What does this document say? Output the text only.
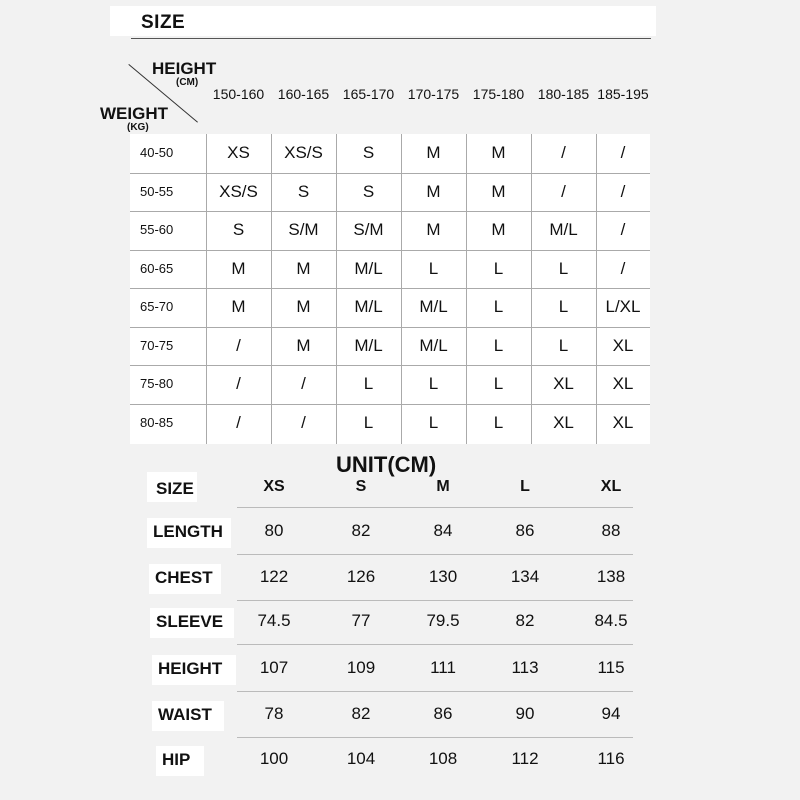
SIZE
HEIGHT
(CM)
WEIGHT
(KG)
150-160 160-165 165-170 170-175 175-180 180-185 185-195
40-50	XS	XS/S	S	M	M	/	/
50-55	XS/S	S	S	M	M	/	/
55-60	S	S/M	S/M	M	M	M/L	/
60-65	M	M	M/L	L	L	L	/
65-70	M	M	M/L	M/L	L	L	L/XL
70-75	/	M	M/L	M/L	L	L	XL
75-80	/	/	L	L	L	XL	XL
80-85	/	/	L	L	L	XL	XL
UNIT(CM)
SIZE	XS	S	M	L	XL
LENGTH	80	82	84	86	88
CHEST	122	126	130	134	138
SLEEVE	74.5	77	79.5	82	84.5
HEIGHT	107	109	111	113	115
WAIST	78	82	86	90	94
HIP	100	104	108	112	116
